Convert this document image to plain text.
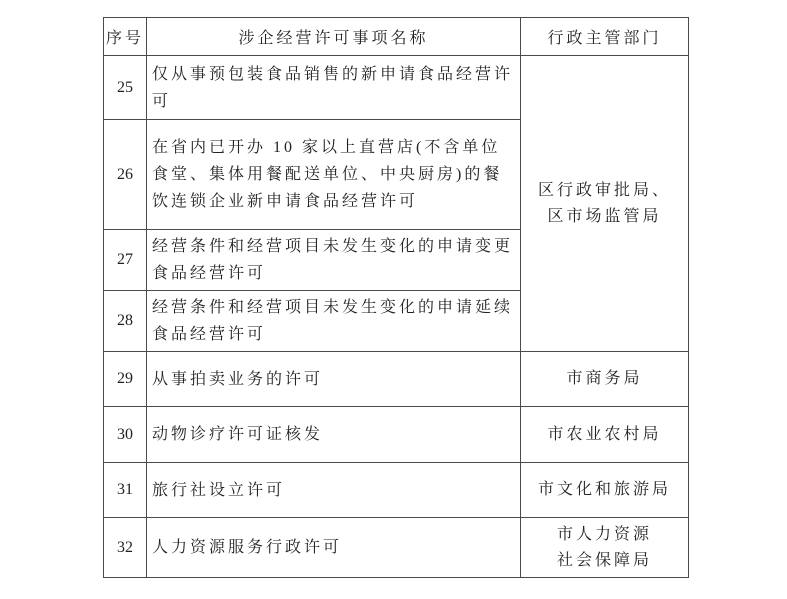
序号	涉企经营许可事项名称	行政主管部门
25	仅从事预包装食品销售的新申请食品经营许可	区行政审批局、
区市场监管局

26	在省内已开办 10 家以上直营店(不含单位食堂、集体用餐配送单位、中央厨房)的餐饮连锁企业新申请食品经营许可	
27	经营条件和经营项目未发生变化的申请变更食品经营许可	
28	经营条件和经营项目未发生变化的申请延续食品经营许可	
29	从事拍卖业务的许可	市商务局
30	动物诊疗许可证核发	市农业农村局
31	旅行社设立许可	市文化和旅游局
32	人力资源服务行政许可	市人力资源
社会保障局
